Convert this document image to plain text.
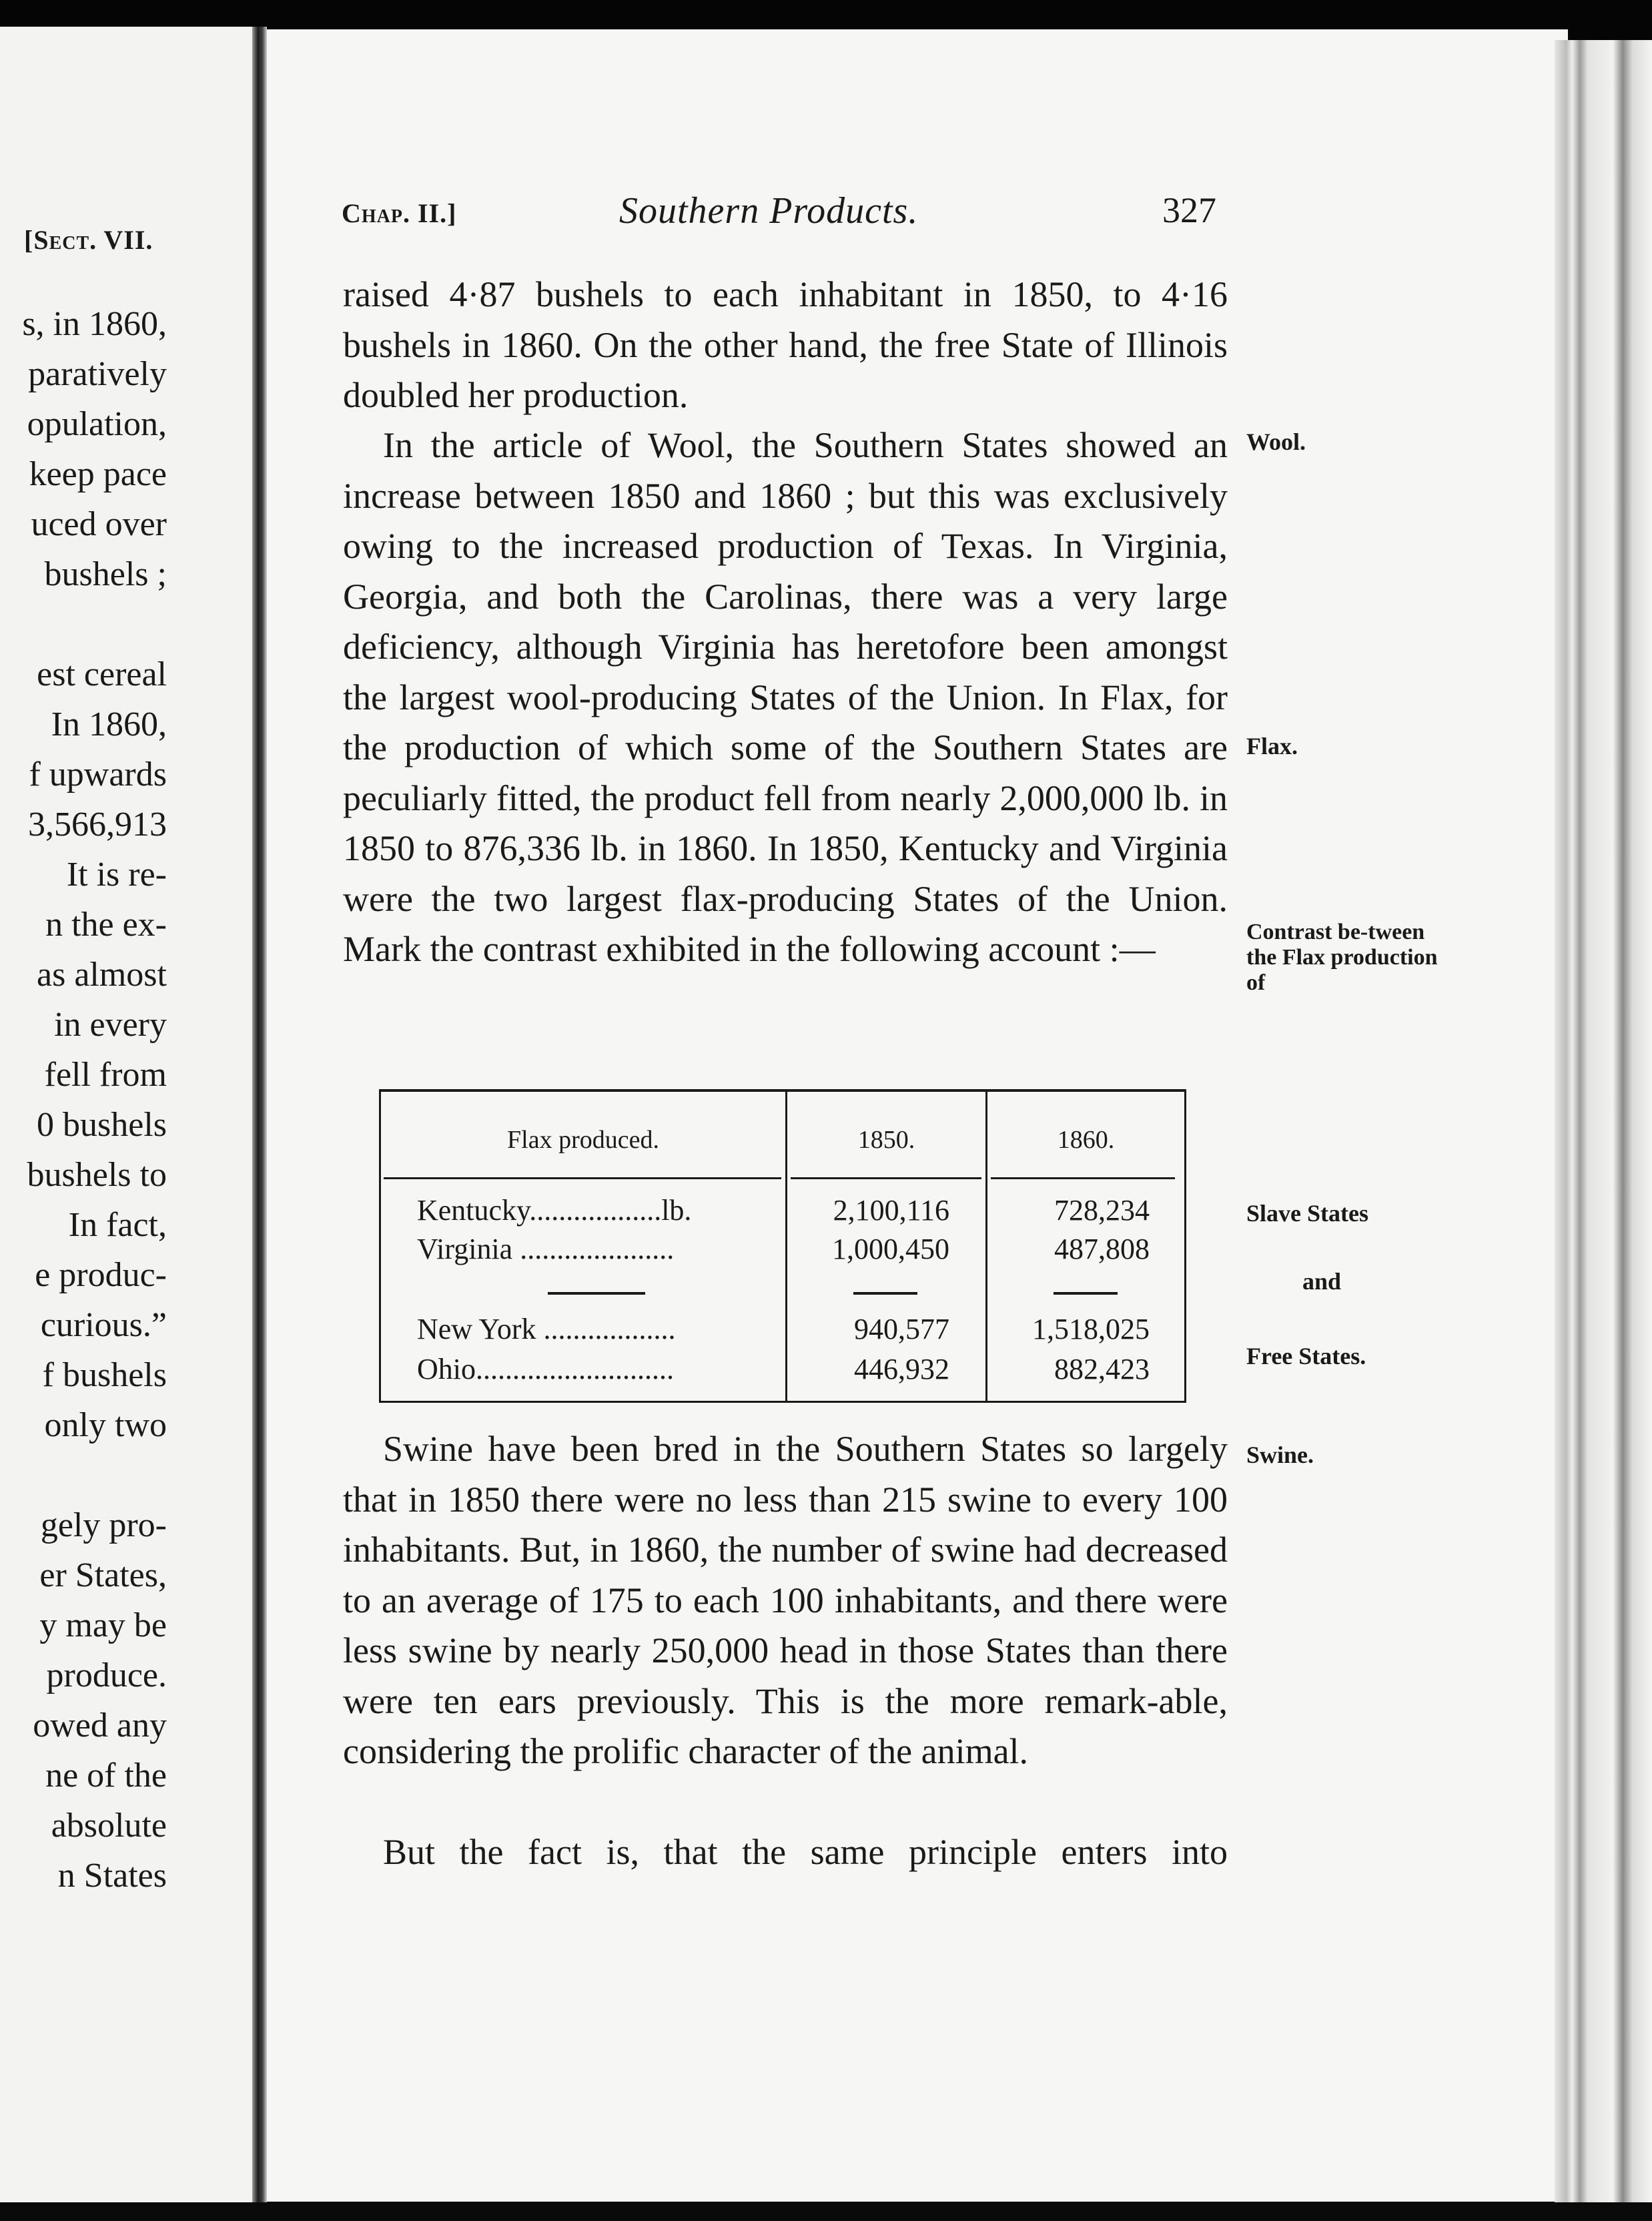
[Sect. VII.
s, in 1860,
paratively
opulation,
keep pace
uced over
bushels ;
est cereal
In 1860,
f upwards
3,566,913
It is re-
n the ex-
as almost
in every
fell from
0 bushels
bushels to
In fact,
e produc-
curious.”
f bushels
only two
gely pro-
er States,
y may be
produce.
owed any
ne of the
absolute
n States
Chap. II.]	Southern Products.	327
raised 4·87 bushels to each inhabitant in 1850, to 4·16 bushels in 1860. On the other hand, the free State of Illinois doubled her production.
In the article of Wool, the Southern States showed an increase between 1850 and 1860 ; but this was exclusively owing to the increased production of Texas. In Virginia, Georgia, and both the Carolinas, there was a very large deficiency, although Virginia has heretofore been amongst the largest wool-producing States of the Union. In Flax, for the production of which some of the Southern States are peculiarly fitted, the product fell from nearly 2,000,000 lb. in 1850 to 876,336 lb. in 1860. In 1850, Kentucky and Virginia were the two largest flax-producing States of the Union. Mark the contrast exhibited in the following account :—
Flax produced.	1850.	1860.
Kentucky..................lb.	2,100,116	728,234
Virginia .....................	1,000,450	487,808
New York ..................	940,577	1,518,025
Ohio...........................	446,932	882,423
Swine have been bred in the Southern States so largely that in 1850 there were no less than 215 swine to every 100 inhabitants. But, in 1860, the number of swine had decreased to an average of 175 to each 100 inhabitants, and there were less swine by nearly 250,000 head in those States than there were ten ears previously. This is the more remark-able, considering the prolific character of the animal.
But the fact is, that the same principle enters into
Wool.
Flax.
Contrast be-tween the Flax production of
Slave States
and
Free States.
Swine.
